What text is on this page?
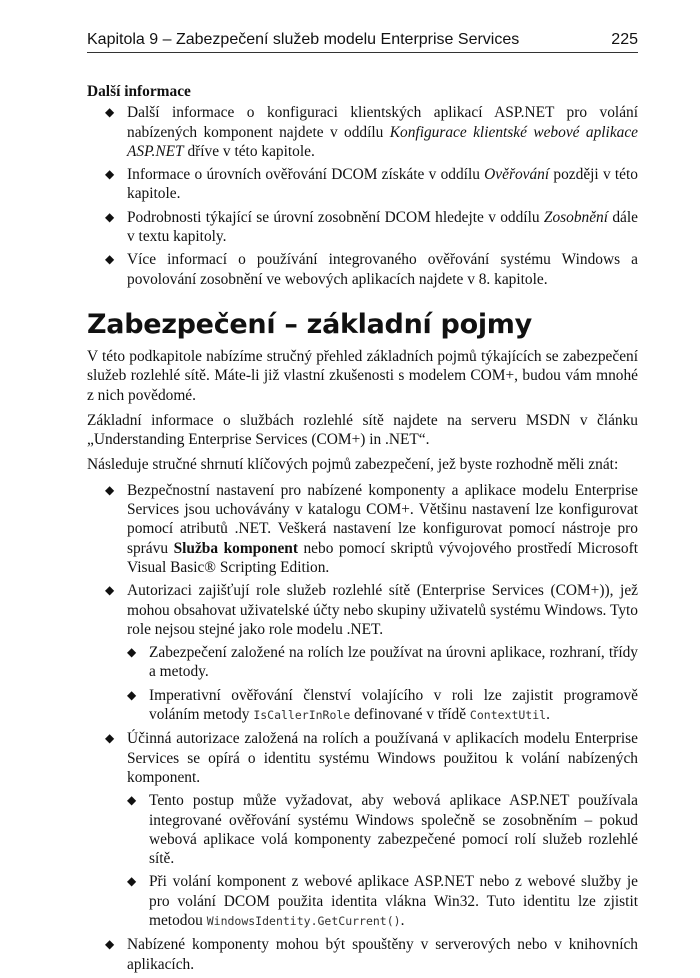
Kapitola 9 – Zabezpečení služeb modelu Enterprise Services	225
Další informace
◆ Další informace o konfiguraci klientských aplikací ASP.NET pro volání nabízených komponent najdete v oddílu Konfigurace klientské webové aplikace ASP.NET dříve v této kapitole.
◆ Informace o úrovních ověřování DCOM získáte v oddílu Ověřování později v této kapitole.
◆ Podrobnosti týkající se úrovní zosobnění DCOM hledejte v oddílu Zosobnění dále v textu kapitoly.
◆ Více informací o používání integrovaného ověřování systému Windows a povolování zosobnění ve webových aplikacích najdete v 8. kapitole.
Zabezpečení – základní pojmy

V této podkapitole nabízíme stručný přehled základních pojmů týkajících se zabezpečení služeb rozlehlé sítě. Máte-li již vlastní zkušenosti s modelem COM+, budou vám mnohé z nich povědomé.

Základní informace o službách rozlehlé sítě najdete na serveru MSDN v článku „Understanding Enterprise Services (COM+) in .NET“.

Následuje stručné shrnutí klíčových pojmů zabezpečení, jež byste rozhodně měli znát:

◆ Bezpečnostní nastavení pro nabízené komponenty a aplikace modelu Enterprise Services jsou uchovávány v katalogu COM+. Většinu nastavení lze konfigurovat pomocí atributů .NET. Veškerá nastavení lze konfigurovat pomocí nástroje pro správu Služba komponent nebo pomocí skriptů vývojového prostředí Microsoft Visual Basic® Scripting Edition.
◆ Autorizaci zajišťují role služeb rozlehlé sítě (Enterprise Services (COM+)), jež mohou obsahovat uživatelské účty nebo skupiny uživatelů systému Windows. Tyto role nejsou stejné jako role modelu .NET.
◆ Zabezpečení založené na rolích lze používat na úrovni aplikace, rozhraní, třídy a metody.
◆ Imperativní ověřování členství volajícího v roli lze zajistit programově voláním metody IsCallerInRole definované v třídě ContextUtil.
◆ Účinná autorizace založená na rolích a používaná v aplikacích modelu Enterprise Services se opírá o identitu systému Windows použitou k volání nabízených komponent.
◆ Tento postup může vyžadovat, aby webová aplikace ASP.NET používala integrované ověřování systému Windows společně se zosobněním – pokud webová aplikace volá komponenty zabezpečené pomocí rolí služeb rozlehlé sítě.
◆ Při volání komponent z webové aplikace ASP.NET nebo z webové služby je pro volání DCOM použita identita vlákna Win32. Tuto identitu lze zjistit metodou WindowsIdentity.GetCurrent().
◆ Nabízené komponenty mohou být spouštěny v serverových nebo v knihovních aplikacích.
